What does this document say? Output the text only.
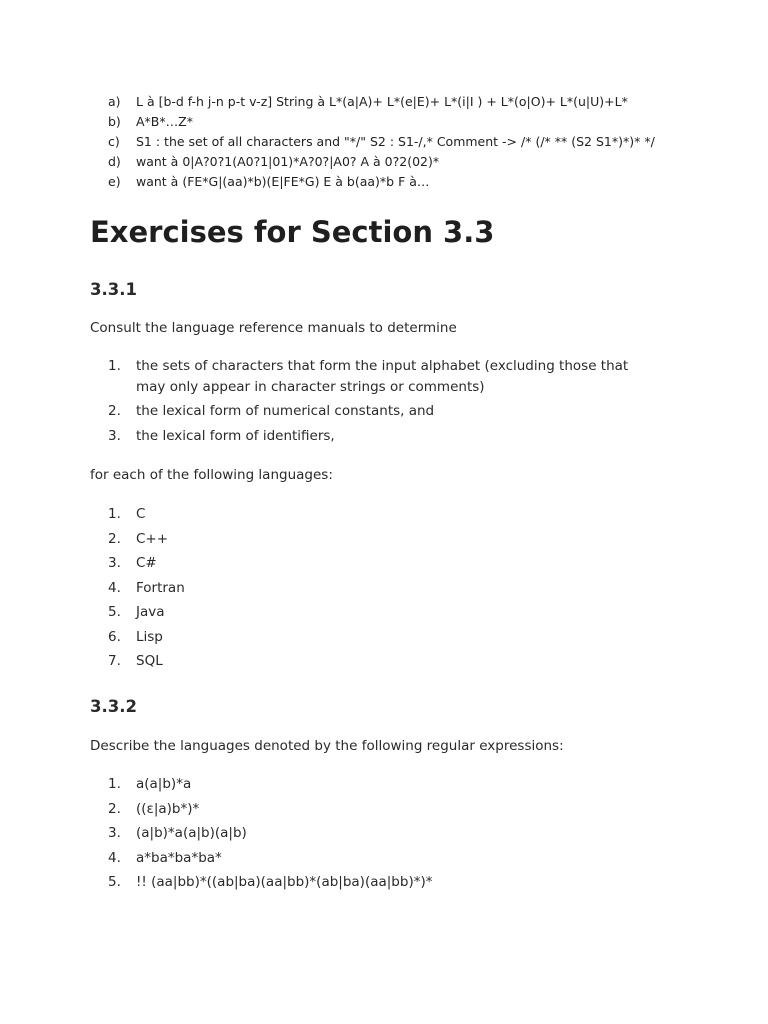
a)	L à [b-d f-h j-n p-t v-z] String à L*(a|A)+ L*(e|E)+ L*(i|I ) + L*(o|O)+ L*(u|U)+L*
b)	A*B*…Z*
c)	S1 : the set of all characters and "*/" S2 : S1-/,* Comment -> /* (/* ** (S2 S1*)*)* */
d)	want à 0|A?0?1(A0?1|01)*A?0?|A0? A à 0?2(02)*
e)	want à (FE*G|(aa)*b)(E|FE*G) E à b(aa)*b F à…
Exercises for Section 3.3
3.3.1

Consult the language reference manuals to determine

1.	the sets of characters that form the input alphabet (excluding those that may only appear in character strings or comments)
2.	the lexical form of numerical constants, and
3.	the lexical form of identifiers,

for each of the following languages:

1.	C
2.	C++
3.	C#
4.	Fortran
5.	Java
6.	Lisp
7.	SQL
3.3.2

Describe the languages denoted by the following regular expressions:

1.	a(a|b)*a
2.	((ε|a)b*)*
3.	(a|b)*a(a|b)(a|b)
4.	a*ba*ba*ba*
5.	!! (aa|bb)*((ab|ba)(aa|bb)*(ab|ba)(aa|bb)*)*
